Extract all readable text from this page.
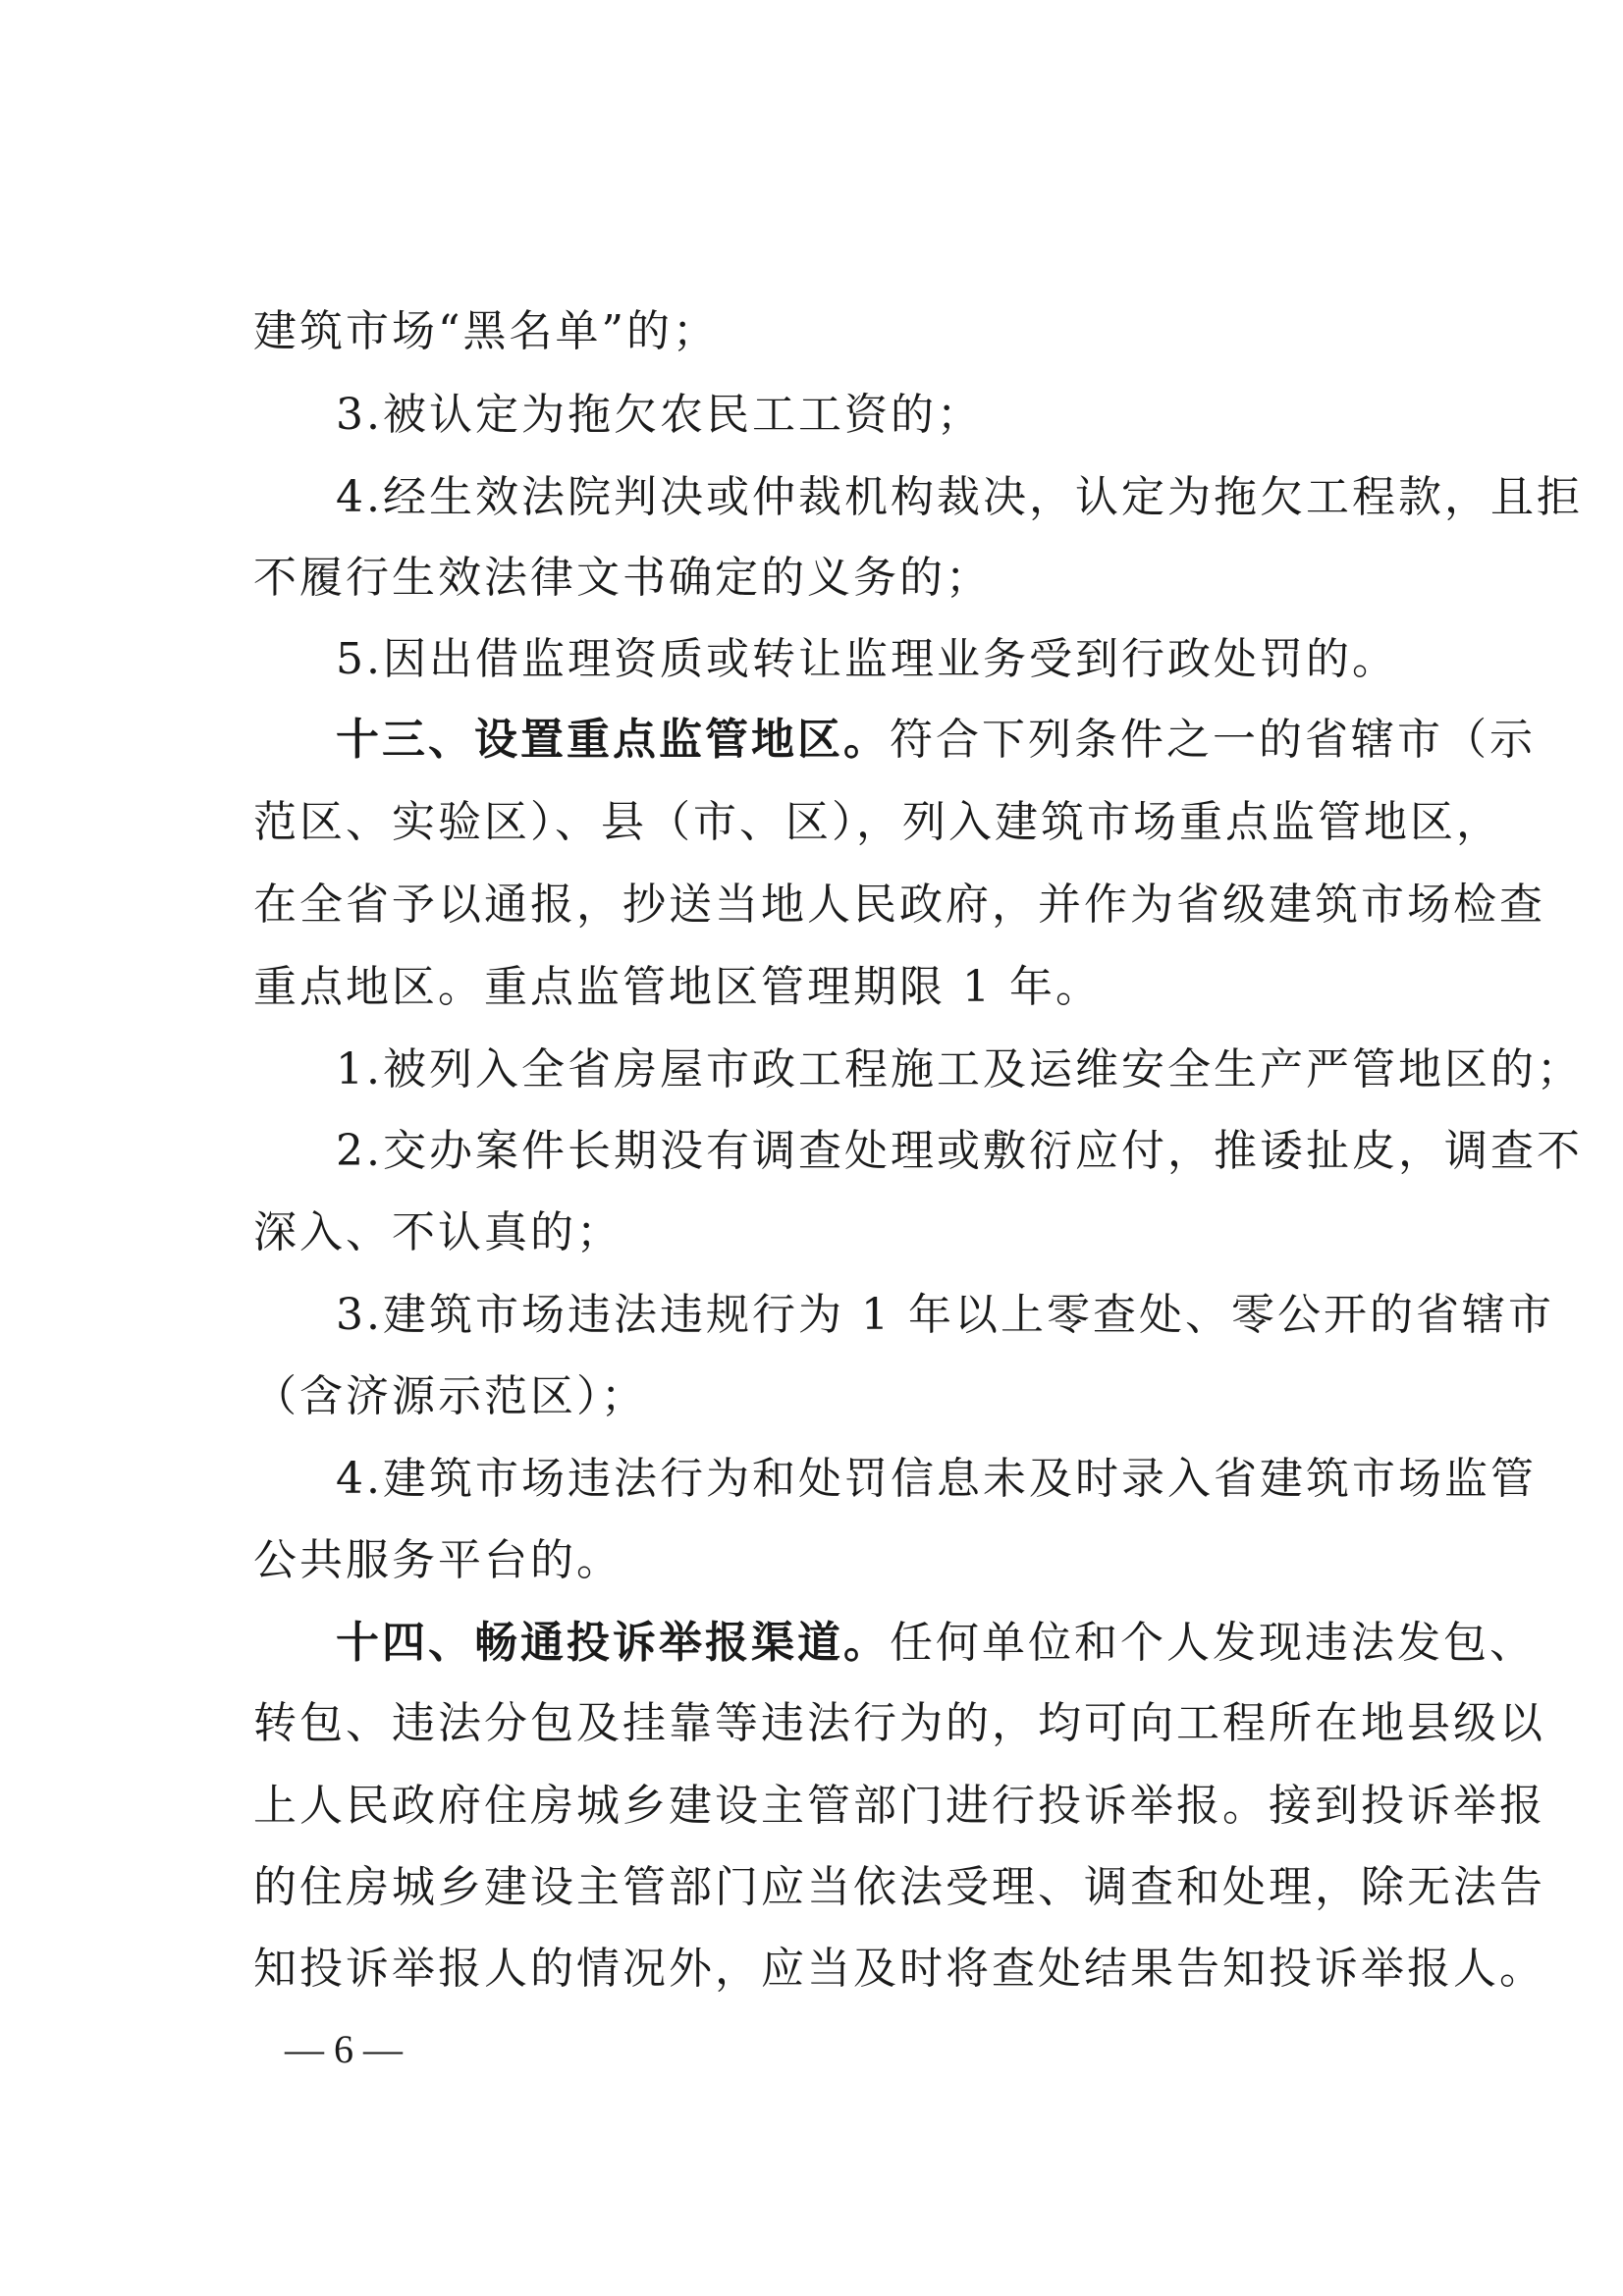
建筑市场“黑名单”的；
3.被认定为拖欠农民工工资的；
4.经生效法院判决或仲裁机构裁决，认定为拖欠工程款，且拒
不履行生效法律文书确定的义务的；
5.因出借监理资质或转让监理业务受到行政处罚的。
十三、设置重点监管地区。符合下列条件之一的省辖市（示
范区、实验区）、县（市、区），列入建筑市场重点监管地区，
在全省予以通报，抄送当地人民政府，并作为省级建筑市场检查
重点地区。重点监管地区管理期限 1 年。
1.被列入全省房屋市政工程施工及运维安全生产严管地区的；
2.交办案件长期没有调查处理或敷衍应付，推诿扯皮，调查不
深入、不认真的；
3.建筑市场违法违规行为 1 年以上零查处、零公开的省辖市
（含济源示范区）；
4.建筑市场违法行为和处罚信息未及时录入省建筑市场监管
公共服务平台的。
十四、畅通投诉举报渠道。任何单位和个人发现违法发包、
转包、违法分包及挂靠等违法行为的，均可向工程所在地县级以
上人民政府住房城乡建设主管部门进行投诉举报。接到投诉举报
的住房城乡建设主管部门应当依法受理、调查和处理，除无法告
知投诉举报人的情况外，应当及时将查处结果告知投诉举报人。
— 6 —
